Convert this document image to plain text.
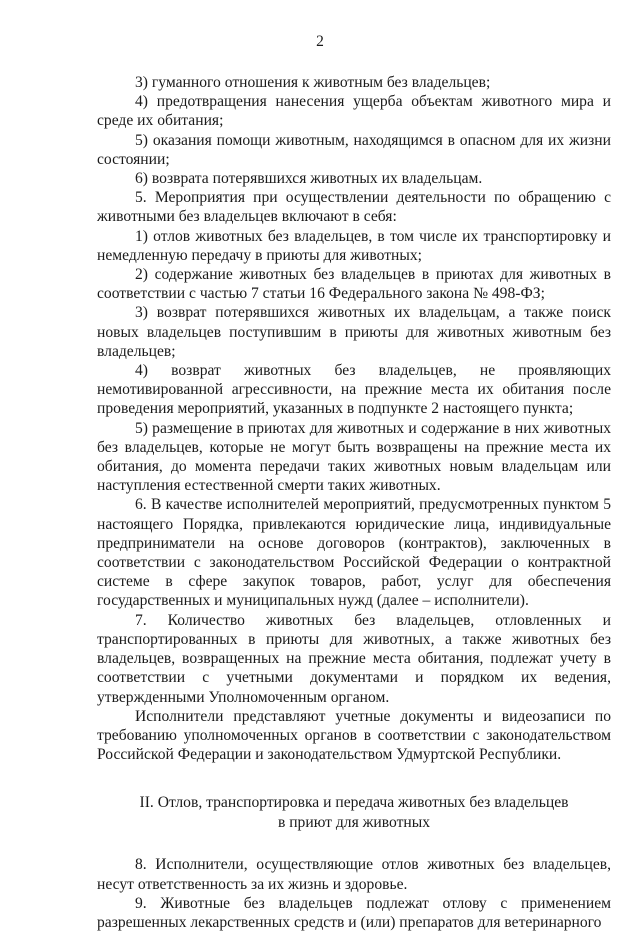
2

3) гуманного отношения к животным без владельцев;

4) предотвращения нанесения ущерба объектам животного мира и среде их обитания;

5) оказания помощи животным, находящимся в опасном для их жизни состоянии;

6) возврата потерявшихся животных их владельцам.

5. Мероприятия при осуществлении деятельности по обращению с животными без владельцев включают в себя:

1) отлов животных без владельцев, в том числе их транспортировку и немедленную передачу в приюты для животных;

2) содержание животных без владельцев в приютах для животных в соответствии с частью 7 статьи 16 Федерального закона № 498-ФЗ;

3) возврат потерявшихся животных их владельцам, а также поиск новых владельцев поступившим в приюты для животных животным без владельцев;

4) возврат животных без владельцев, не проявляющих немотивированной агрессивности, на прежние места их обитания после проведения мероприятий, указанных в подпункте 2 настоящего пункта;

5) размещение в приютах для животных и содержание в них животных без владельцев, которые не могут быть возвращены на прежние места их обитания, до момента передачи таких животных новым владельцам или наступления естественной смерти таких животных.

6. В качестве исполнителей мероприятий, предусмотренных пунктом 5 настоящего Порядка, привлекаются юридические лица, индивидуальные предприниматели на основе договоров (контрактов), заключенных в соответствии с законодательством Российской Федерации о контрактной системе в сфере закупок товаров, работ, услуг для обеспечения государственных и муниципальных нужд (далее – исполнители).

7. Количество животных без владельцев, отловленных и транспортированных в приюты для животных, а также животных без владельцев, возвращенных на прежние места обитания, подлежат учету в соответствии с учетными документами и порядком их ведения, утвержденными Уполномоченным органом.

Исполнители представляют учетные документы и видеозаписи по требованию уполномоченных органов в соответствии с законодательством Российской Федерации и законодательством Удмуртской Республики.

II. Отлов, транспортировка и передача животных без владельцев
в приют для животных

8. Исполнители, осуществляющие отлов животных без владельцев, несут ответственность за их жизнь и здоровье.

9. Животные без владельцев подлежат отлову с применением разрешенных лекарственных средств и (или) препаратов для ветеринарного
